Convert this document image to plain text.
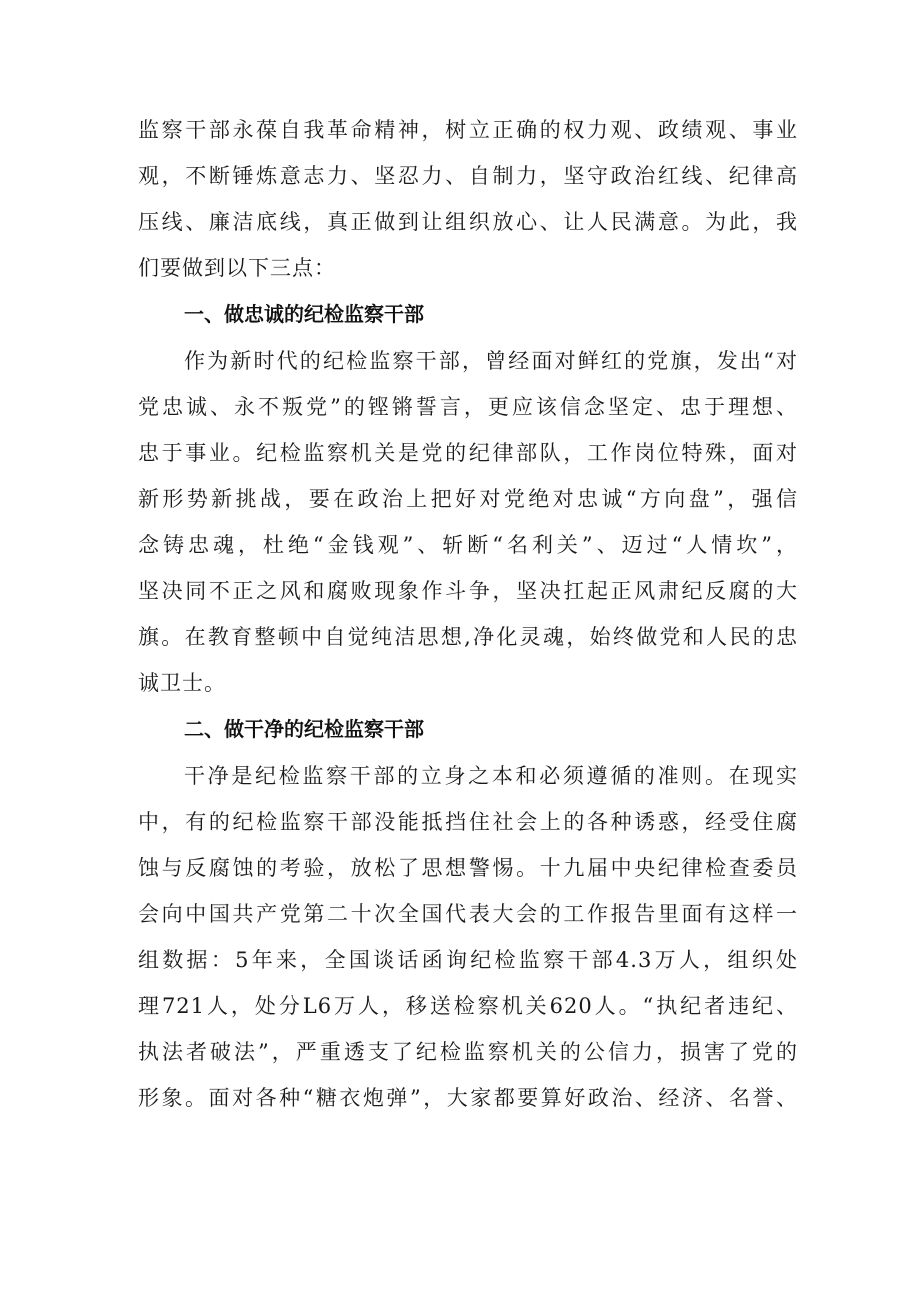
监察干部永葆自我革命精神，树立正确的权力观、政绩观、事业
观，不断锤炼意志力、坚忍力、自制力，坚守政治红线、纪律高
压线、廉洁底线，真正做到让组织放心、让人民满意。为此，我
们要做到以下三点：
一、做忠诚的纪检监察干部
作为新时代的纪检监察干部，曾经面对鲜红的党旗，发出“对
党忠诚、永不叛党”的铿锵誓言，更应该信念坚定、忠于理想、
忠于事业。纪检监察机关是党的纪律部队，工作岗位特殊，面对
新形势新挑战，要在政治上把好对党绝对忠诚“方向盘”，强信
念铸忠魂，杜绝“金钱观”、斩断“名利关”、迈过“人情坎”，
坚决同不正之风和腐败现象作斗争，坚决扛起正风肃纪反腐的大
旗。在教育整顿中自觉纯洁思想,净化灵魂，始终做党和人民的忠
诚卫士。
二、做干净的纪检监察干部
干净是纪检监察干部的立身之本和必须遵循的准则。在现实
中，有的纪检监察干部没能抵挡住社会上的各种诱惑，经受住腐
蚀与反腐蚀的考验，放松了思想警惕。十九届中央纪律检查委员
会向中国共产党第二十次全国代表大会的工作报告里面有这样一
组数据：5年来，全国谈话函询纪检监察干部4.3万人，组织处
理721人，处分L6万人，移送检察机关620人。“执纪者违纪、
执法者破法”，严重透支了纪检监察机关的公信力，损害了党的
形象。面对各种“糖衣炮弹”，大家都要算好政治、经济、名誉、
